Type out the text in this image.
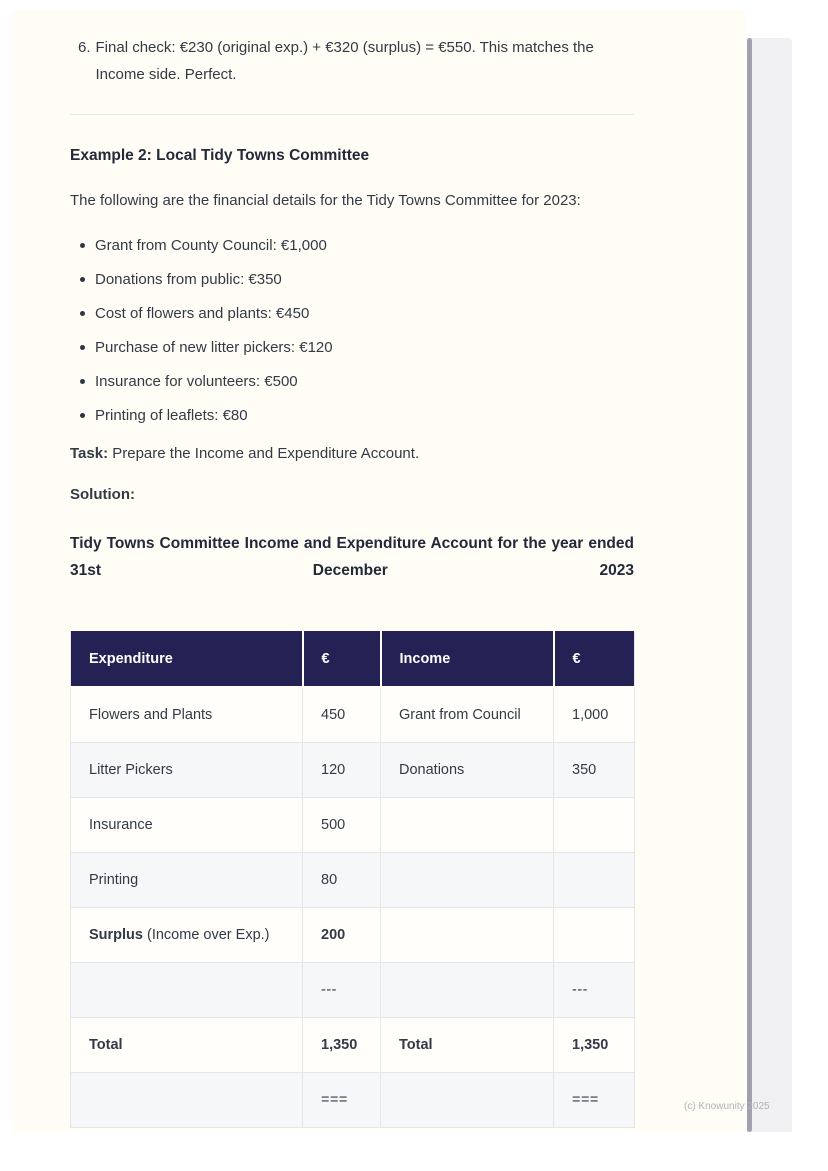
6. Final check: €230 (original exp.) + €320 (surplus) = €550. This matches the Income side. Perfect.
Example 2: Local Tidy Towns Committee

The following are the financial details for the Tidy Towns Committee for 2023:

Grant from County Council: €1,000
Donations from public: €350
Cost of flowers and plants: €450
Purchase of new litter pickers: €120
Insurance for volunteers: €500
Printing of leaflets: €80

Task: Prepare the Income and Expenditure Account.

Solution:

Tidy Towns Committee Income and Expenditure Account for the year ended 31st December 2023
Expenditure	€	Income	€
Flowers and Plants	450	Grant from Council	1,000
Litter Pickers	120	Donations	350
Insurance	500		
Printing	80		
Surplus (Income over Exp.)	200		
	---		---
Total	1,350	Total	1,350
	===		===	(c) Knowunity 2025
